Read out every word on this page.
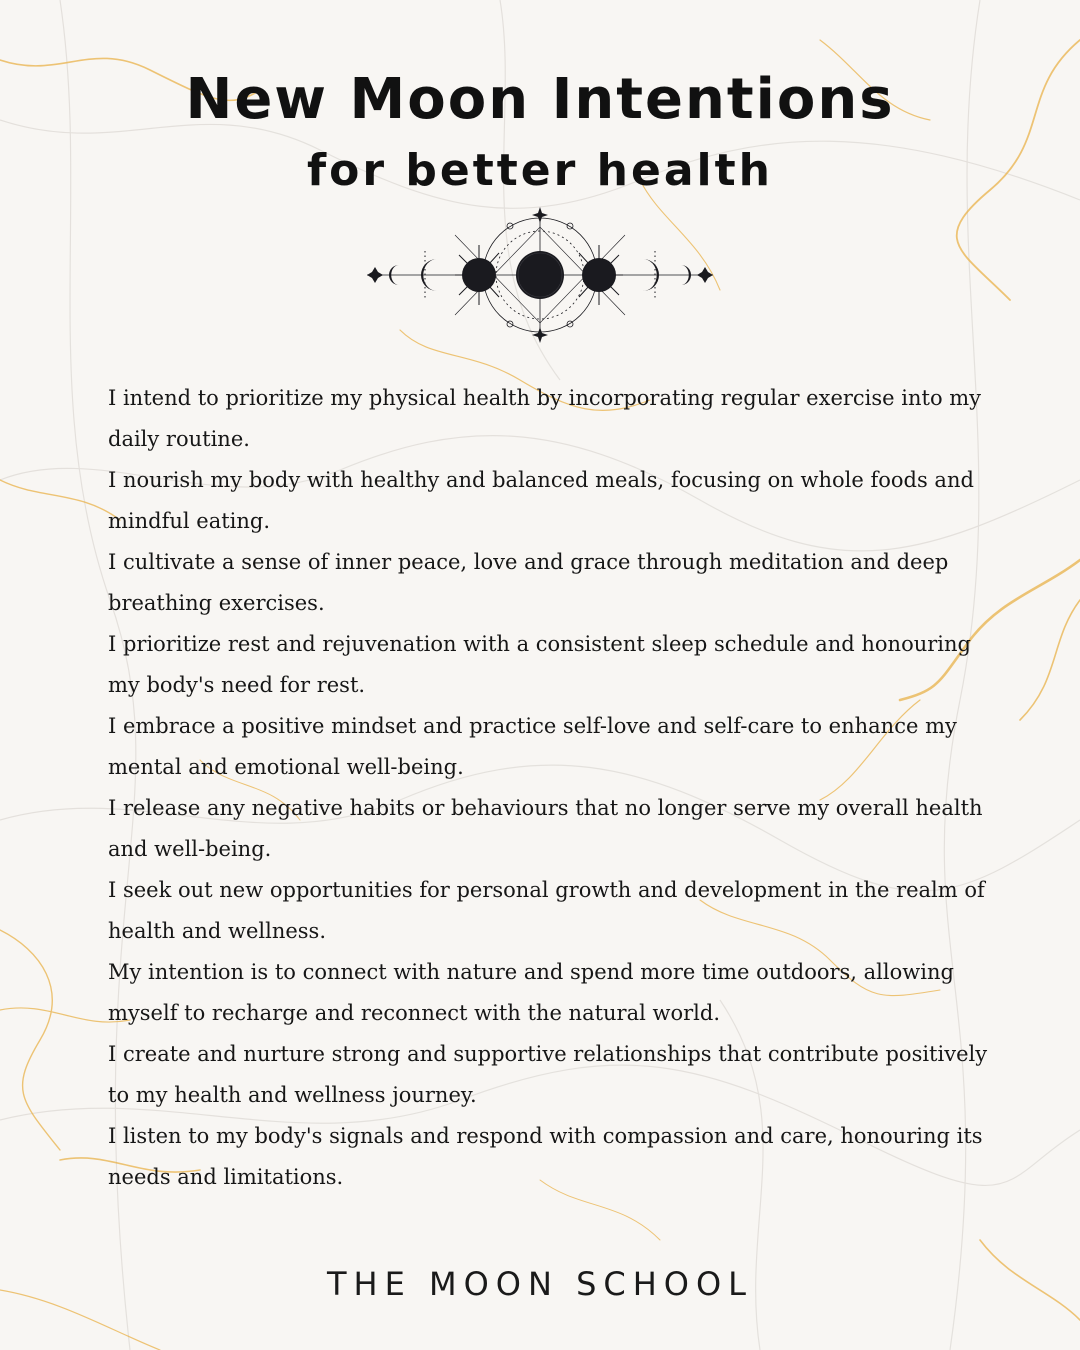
New Moon Intentions
for better health
I intend to prioritize my physical health by incorporating regular exercise into my daily routine.
I nourish my body with healthy and balanced meals, focusing on whole foods and mindful eating.
I cultivate a sense of inner peace, love and grace through meditation and deep breathing exercises.
I prioritize rest and rejuvenation with a consistent sleep schedule and honouring my body's need for rest.
I embrace a positive mindset and practice self-love and self-care to enhance my mental and emotional well-being.
I release any negative habits or behaviours that no longer serve my overall health and well-being.
I seek out new opportunities for personal growth and development in the realm of health and wellness.
My intention is to connect with nature and spend more time outdoors, allowing myself to recharge and reconnect with the natural world.
I create and nurture strong and supportive relationships that contribute positively to my health and wellness journey.
I listen to my body's signals and respond with compassion and care, honouring its needs and limitations.

THE MOON SCHOOL
